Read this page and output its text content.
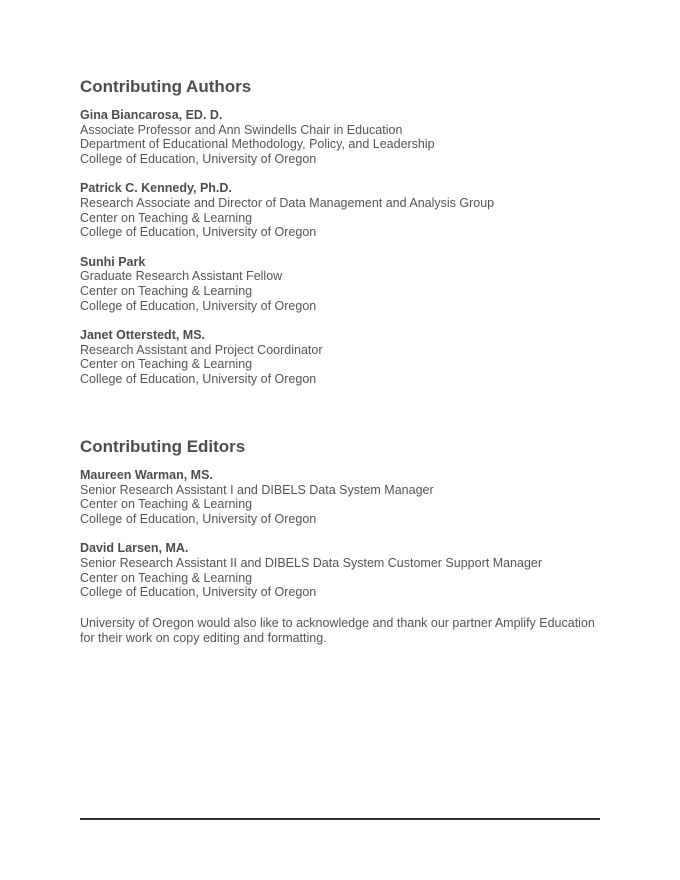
Contributing Authors
Gina Biancarosa, ED. D.
Associate Professor and Ann Swindells Chair in Education
Department of Educational Methodology, Policy, and Leadership
College of Education, University of Oregon
Patrick C. Kennedy, Ph.D.
Research Associate and Director of Data Management and Analysis Group
Center on Teaching & Learning
College of Education, University of Oregon
Sunhi Park
Graduate Research Assistant Fellow
Center on Teaching & Learning
College of Education, University of Oregon
Janet Otterstedt, MS.
Research Assistant and Project Coordinator
Center on Teaching & Learning
College of Education, University of Oregon
Contributing Editors
Maureen Warman, MS.
Senior Research Assistant I and DIBELS Data System Manager
Center on Teaching & Learning
College of Education, University of Oregon
David Larsen, MA.
Senior Research Assistant II and DIBELS Data System Customer Support Manager
Center on Teaching & Learning
College of Education, University of Oregon

University of Oregon would also like to acknowledge and thank our partner Amplify Education for their work on copy editing and formatting.
